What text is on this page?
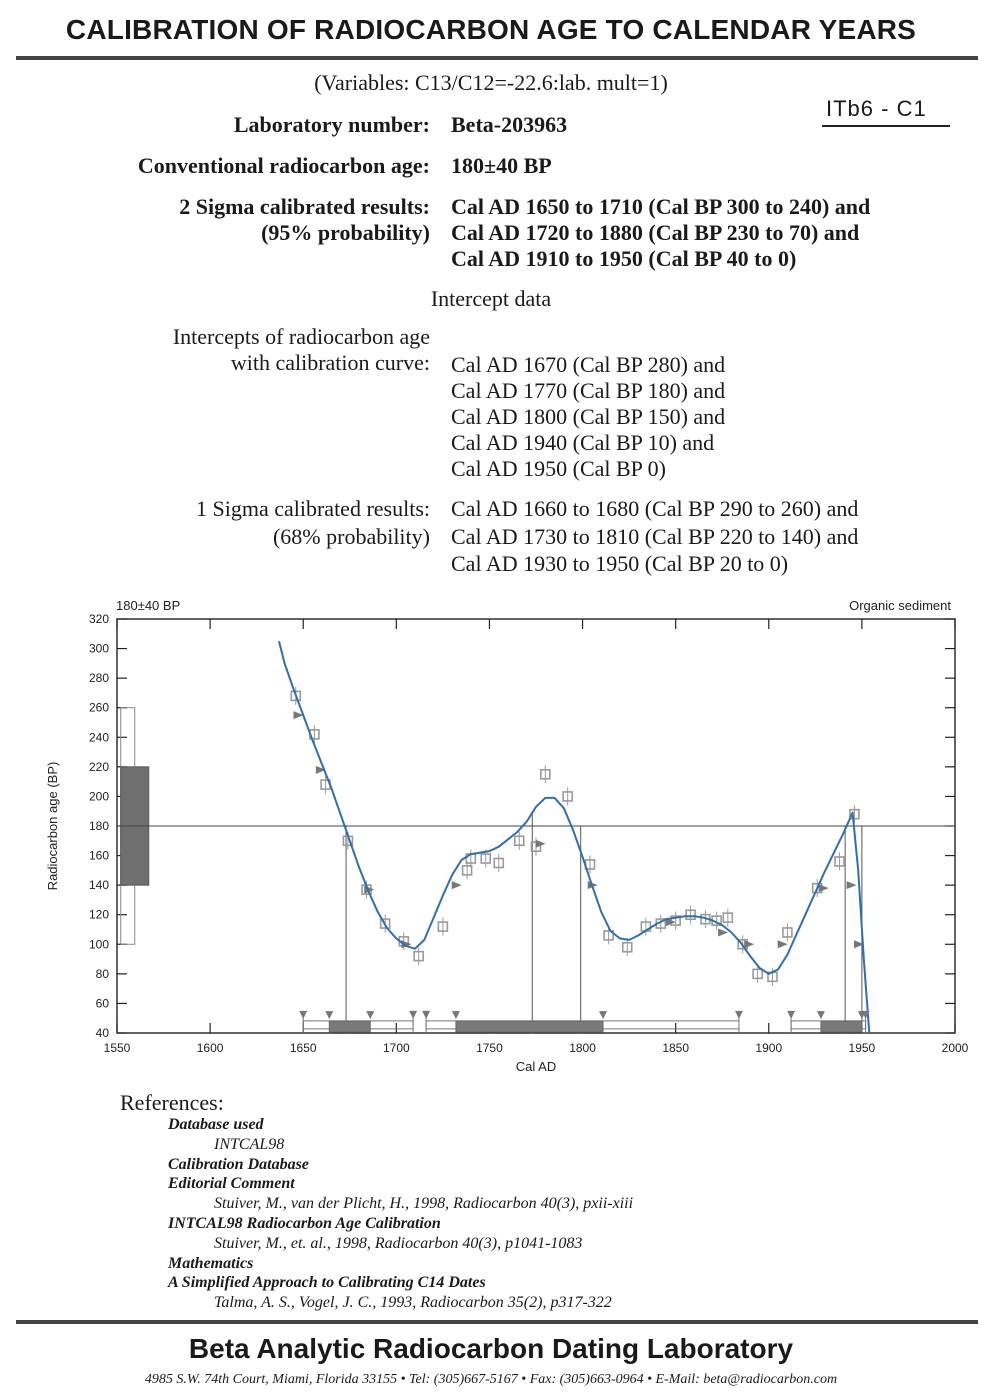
CALIBRATION OF RADIOCARBON AGE TO CALENDAR YEARS
(Variables: C13/C12=-22.6:lab. mult=1)
ITb6 - C1
Laboratory number: Beta-203963
Conventional radiocarbon age: 180±40 BP
2 Sigma calibrated results:
(95% probability)
Cal AD 1650 to 1710 (Cal BP 300 to 240) and
Cal AD 1720 to 1880 (Cal BP 230 to 70) and
Cal AD 1910 to 1950 (Cal BP 40 to 0)
Intercept data
Intercepts of radiocarbon age
with calibration curve: Cal AD 1670 (Cal BP 280) and
Cal AD 1770 (Cal BP 180) and
Cal AD 1800 (Cal BP 150) and
Cal AD 1940 (Cal BP 10) and
Cal AD 1950 (Cal BP 0)
1 Sigma calibrated results:
(68% probability)
Cal AD 1660 to 1680 (Cal BP 290 to 260) and
Cal AD 1730 to 1810 (Cal BP 220 to 140) and
Cal AD 1930 to 1950 (Cal BP 20 to 0)
40
60
80
100
120
140
160
180
200
220
240
260
280
300
320
1550	1600	1650	1700	1750	1800	1850	1900	1950	2000
180±40 BP	Organic sediment
Cal AD
Radiocarbon age (BP)
References:
Database used
INTCAL98
Calibration Database
Editorial Comment
Stuiver, M., van der Plicht, H., 1998, Radiocarbon 40(3), pxii-xiii
INTCAL98 Radiocarbon Age Calibration
Stuiver, M., et. al., 1998, Radiocarbon 40(3), p1041-1083
Mathematics
A Simplified Approach to Calibrating C14 Dates
Talma, A. S., Vogel, J. C., 1993, Radiocarbon 35(2), p317-322
Beta Analytic Radiocarbon Dating Laboratory
4985 S.W. 74th Court, Miami, Florida 33155 • Tel: (305)667-5167 • Fax: (305)663-0964 • E-Mail: beta@radiocarbon.com
